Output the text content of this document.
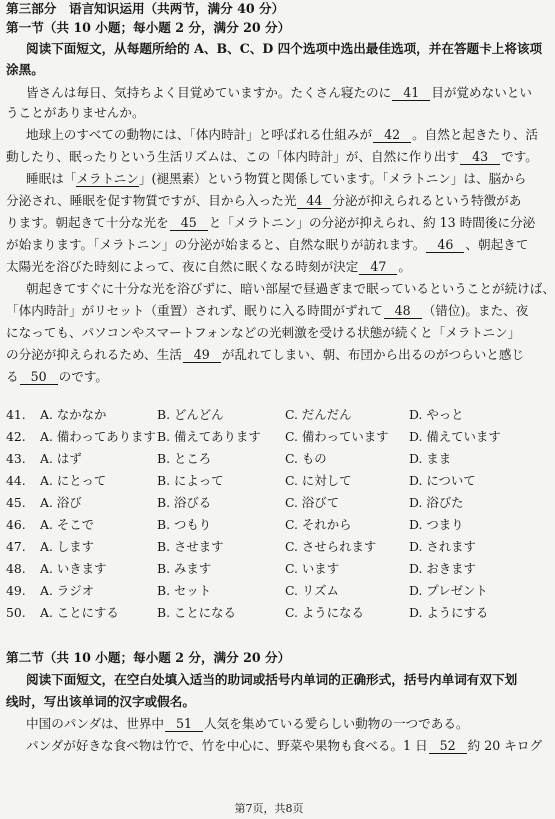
第三部分　语言知识运用（共两节，满分 40 分）
第一节（共 10 小题；每小题 2 分，满分 20 分）
阅读下面短文，从每题所给的 A、B、C、D 四个选项中选出最佳选项，并在答题卡上将该项
涂黑。
皆さんは毎日、気持ちよく目覚めていますか。たくさん寝たのに 41 目が覚めないとい
うことがありませんか。
地球上のすべての動物には、「体内時計」と呼ばれる仕組みが 42 。自然と起きたり、活
動したり、眠ったりという生活リズムは、この「体内時計」が、自然に作り出す 43 です。
睡眠は「メラトニン」(褪黑素）という物質と関係しています。「メラトニン」は、脳から
分泌され、睡眠を促す物質ですが、目から入った光 44 分泌が抑えられるという特徴があ
ります。朝起きて十分な光を 45 と「メラトニン」の分泌が抑えられ、約 13 時間後に分泌
が始まります。「メラトニン」の分泌が始まると、自然な眠りが訪れます。 46 、朝起きて
太陽光を浴びた時刻によって、夜に自然に眠くなる時刻が決定 47 。
朝起きてすぐに十分な光を浴びずに、暗い部屋で昼過ぎまで眠っているということが続けば、
「体内時計」がリセット（重置）されず、眠りに入る時間がずれて 48 （错位)。また、夜
になっても、パソコンやスマートフォンなどの光刺激を受ける状態が続くと「メラトニン」
の分泌が抑えられるため、生活 49 が乱れてしまい、朝、布団から出るのがつらいと感じ
る 50 のです。
41. A. なかなか	B. どんどん	C. だんだん	D. やっと
42. A. 備わってあります B. 備えてあります C. 備わっています D. 備えています
43. A. はず	B. ところ	C. もの	D. まま
44. A. にとって	B. によって	C. に対して	D. について
45. A. 浴び	B. 浴びる	C. 浴びて	D. 浴びた
46. A. そこで	B. つもり	C. それから	D. つまり
47. A. します	B. させます	C. させられます	D. されます
48. A. いきます	B. みます	C. います	D. おきます
49. A. ラジオ	B. セット	C. リズム	D. プレゼント
50. A. ことにする	B. ことになる	C. ようになる	D. ようにする
第二节（共 10 小题；每小题 2 分，满分 20 分）
阅读下面短文，在空白处填入适当的助词或括号内单词的正确形式，括号内单词有双下划
线时，写出该单词的汉字或假名。
中国のパンダは、世界中 51 人気を集めている愛らしい動物の一つである。
パンダが好きな食べ物は竹で、竹を中心に、野菜や果物も食べる。1 日 52 約 20 キログ
第7页，共8页
